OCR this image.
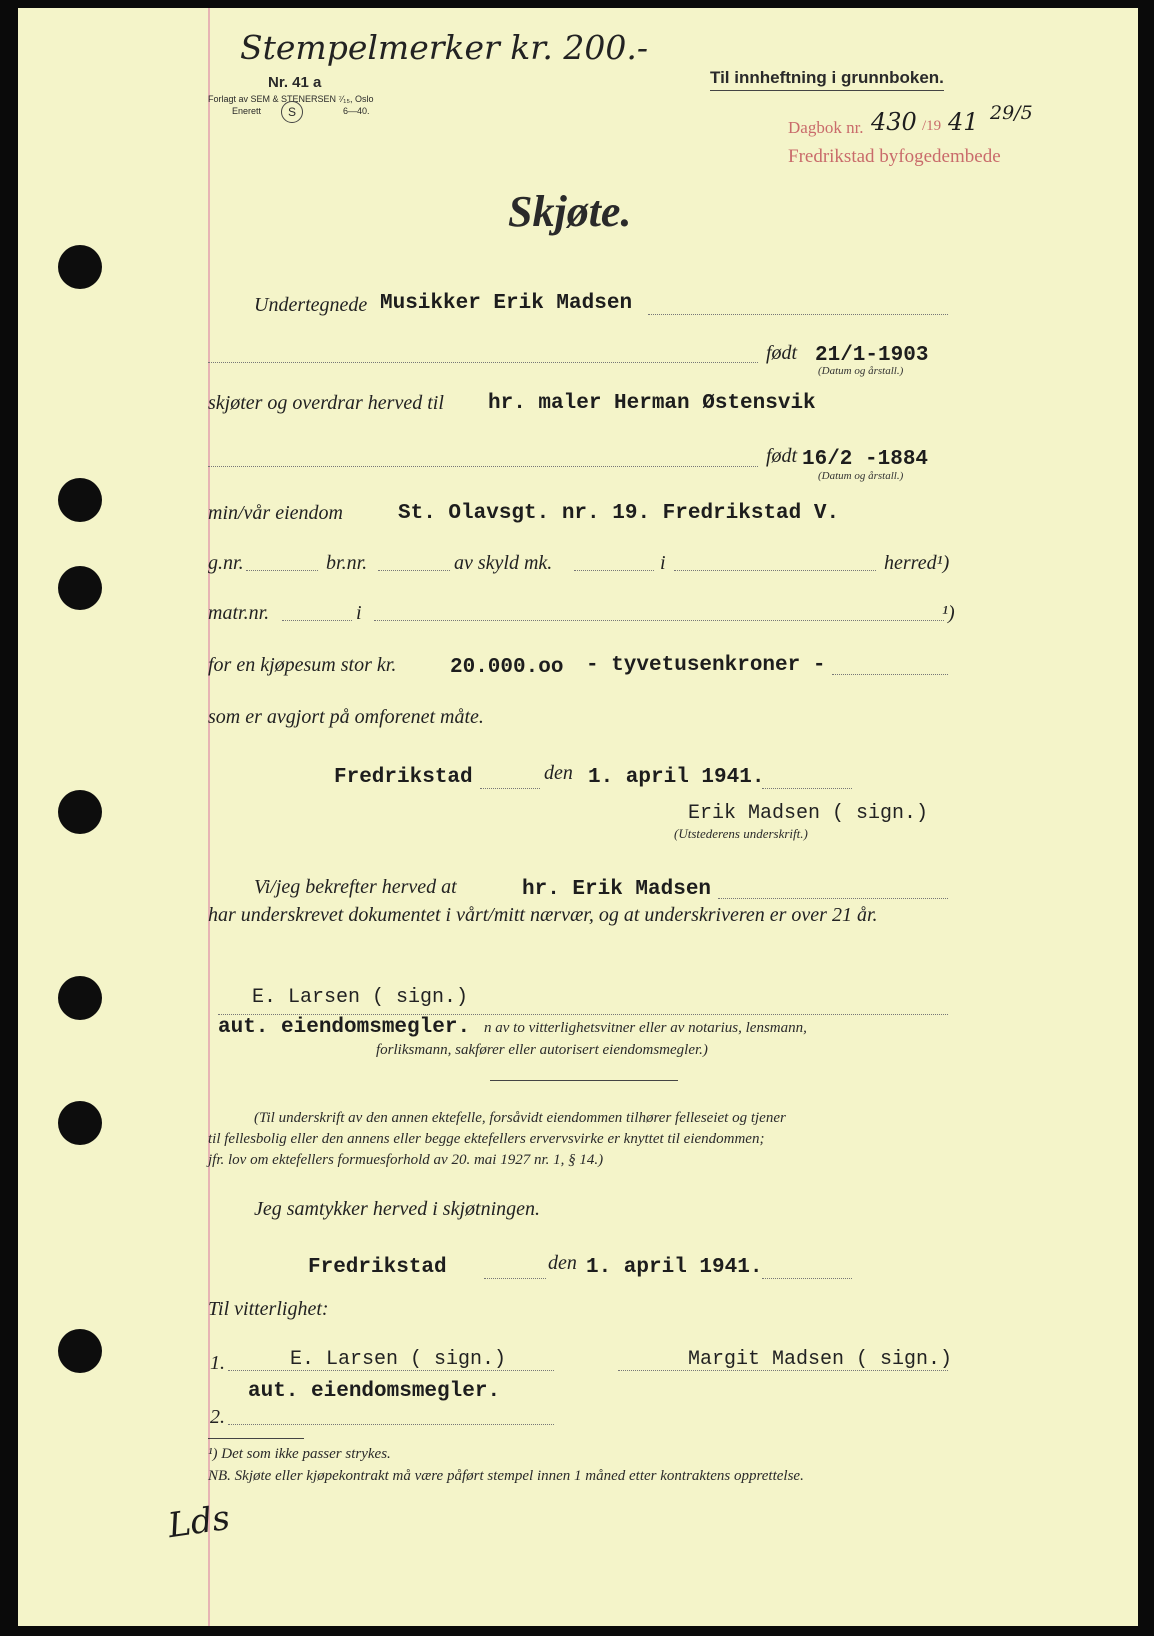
Stempelmerker kr. 200.-
Nr. 41 a
Forlagt av SEM & STENERSEN ⁷⁄₁₅, Oslo
Enerett	S	6—40.
Til innheftning i grunnboken.
Dagbok nr. 430 /19 41 29/5
Fredrikstad byfogedembede
Skjøte.
Undertegnede Musikker Erik Madsen
født 21/1-1903
(Datum og årstall.)
skjøter og overdrar herved til hr. maler Herman Østensvik
født 16/2 -1884
(Datum og årstall.)
min/vår eiendom	St. Olavsgt. nr. 19. Fredrikstad V.
g.nr.	br.nr.	av skyld mk.	i	herred¹)
matr.nr.	i	¹)
for en kjøpesum stor kr.	20.000.oo - tyvetusenkroner -
som er avgjort på omforenet måte.
Fredrikstad	den 1. april 1941.
Erik Madsen ( sign.)
(Utstederens underskrift.)
Vi/jeg bekrefter herved at	hr. Erik Madsen
har underskrevet dokumentet i vårt/mitt nærvær, og at underskriveren er over 21 år.
E. Larsen ( sign.)
aut. eiendomsmegler. n av to vitterlighetsvitner eller av notarius, lensmann,
forliksmann, sakfører eller autorisert eiendomsmegler.)
(Til underskrift av den annen ektefelle, forsåvidt eiendommen tilhører felleseiet og tjener
til fellesbolig eller den annens eller begge ektefellers ervervsvirke er knyttet til eiendommen;
jfr. lov om ektefellers formuesforhold av 20. mai 1927 nr. 1, § 14.)
Jeg samtykker herved i skjøtningen.
Fredrikstad	den 1. april 1941.
Til vitterlighet:
1.	E. Larsen ( sign.)
aut. eiendomsmegler.
Margit Madsen ( sign.)
2.
¹) Det som ikke passer strykes.
NB. Skjøte eller kjøpekontrakt må være påført stempel innen 1 måned etter kontraktens opprettelse.
Lds
